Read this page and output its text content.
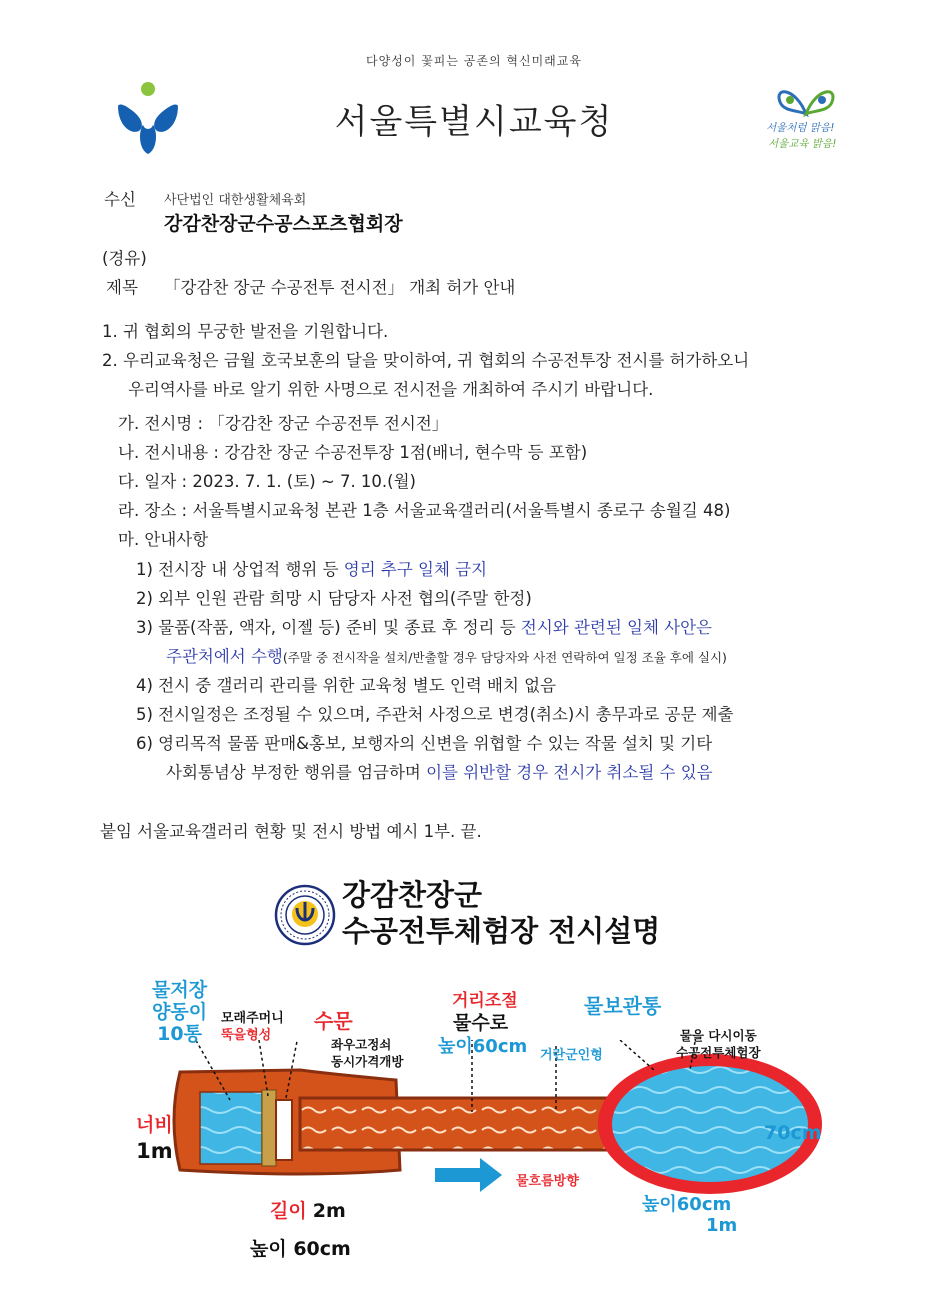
다양성이 꽃피는 공존의 혁신미래교육
서울특별시교육청	서울처럼 맑음!
서울교육 밝음!
수신 사단법인 대한생활체육회
강감찬장군수공스포츠협회장
(경유)
제목 「강감찬 장군 수공전투 전시전」 개최 허가 안내
1. 귀 협회의 무궁한 발전을 기원합니다.
2. 우리교육청은 금월 호국보훈의 달을 맞이하여, 귀 협회의 수공전투장 전시를 허가하오니
우리역사를 바로 알기 위한 사명으로 전시전을 개최하여 주시기 바랍니다.
가. 전시명 : 「강감찬 장군 수공전투 전시전」
나. 전시내용 : 강감찬 장군 수공전투장 1점(배너, 현수막 등 포함)
다. 일자 : 2023. 7. 1. (토) ~ 7. 10.(월)
라. 장소 : 서울특별시교육청 본관 1층 서울교육갤러리(서울특별시 종로구 송월길 48)
마. 안내사항
1) 전시장 내 상업적 행위 등 영리 추구 일체 금지
2) 외부 인원 관람 희망 시 담당자 사전 협의(주말 한정)
3) 물품(작품, 액자, 이젤 등) 준비 및 종료 후 정리 등 전시와 관련된 일체 사안은
주관처에서 수행(주말 중 전시작을 설치/반출할 경우 담당자와 사전 연락하여 일정 조율 후에 실시)
4) 전시 중 갤러리 관리를 위한 교육청 별도 인력 배치 없음
5) 전시일정은 조정될 수 있으며, 주관처 사정으로 변경(취소)시 총무과로 공문 제출
6) 영리목적 물품 판매&홍보, 보행자의 신변을 위협할 수 있는 작물 설치 및 기타
사회통념상 부정한 행위를 엄금하며 이를 위반할 경우 전시가 취소될 수 있음
붙임 서울교육갤러리 현황 및 전시 방법 예시 1부. 끝.
강감찬장군
수공전투체험장 전시설명
물저장
양동이
10통
모래주머니
뚝을형성
수문
좌우고정쇠
동시가격개방
거리조절
물수로
높이60cm 거란군인형
물보관통
물을 다시이동
수공전투체험장
너비
1m
70cm
물흐름방향
길이 2m
높이 60cm
높이60cm
1m
